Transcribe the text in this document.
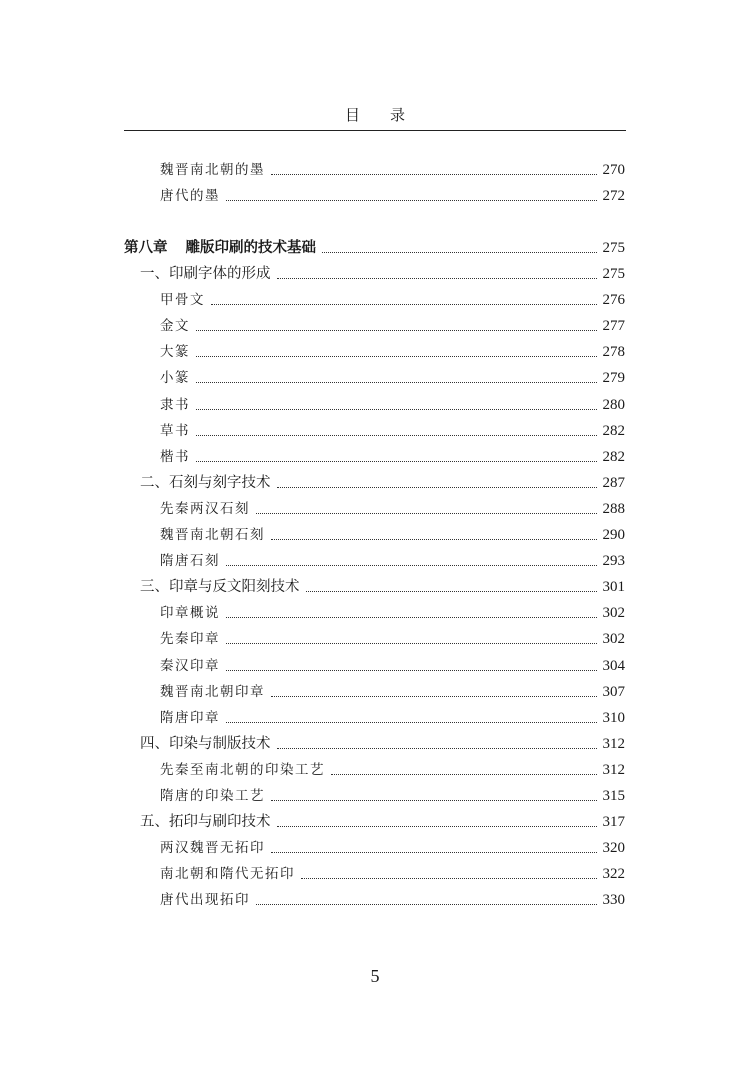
目　　录
魏晋南北朝的墨	270
唐代的墨	272
第八章 雕版印刷的技术基础	275
一、印刷字体的形成	275
甲骨文	276
金文	277
大篆	278
小篆	279
隶书	280
草书	282
楷书	282
二、石刻与刻字技术	287
先秦两汉石刻	288
魏晋南北朝石刻	290
隋唐石刻	293
三、印章与反文阳刻技术	301
印章概说	302
先秦印章	302
秦汉印章	304
魏晋南北朝印章	307
隋唐印章	310
四、印染与制版技术	312
先秦至南北朝的印染工艺	312
隋唐的印染工艺	315
五、拓印与刷印技术	317
两汉魏晋无拓印	320
南北朝和隋代无拓印	322
唐代出现拓印	330
5
